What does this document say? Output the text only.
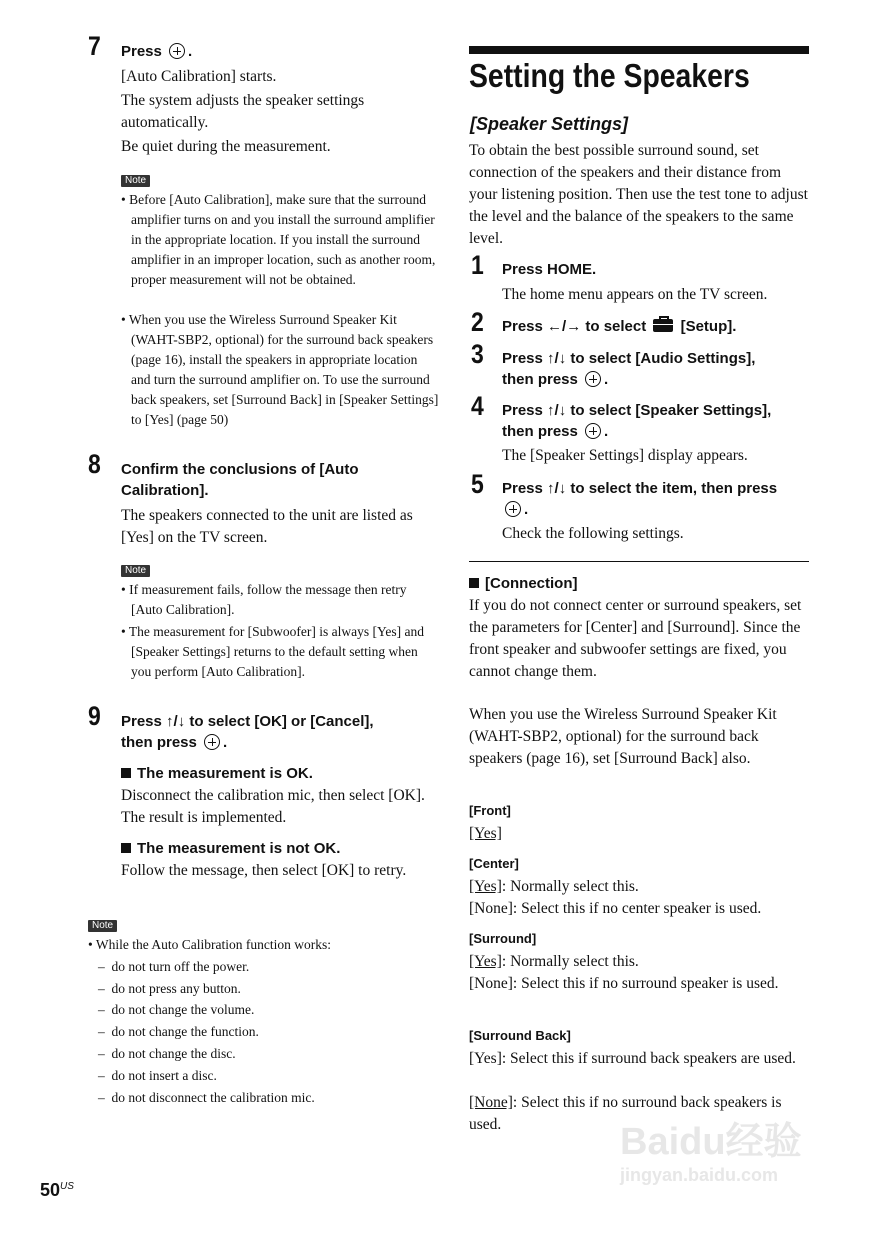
7 Press .
[Auto Calibration] starts.
The system adjusts the speaker settings automatically.
Be quiet during the measurement.
Note
• Before [Auto Calibration], make sure that the surround amplifier turns on and you install the surround amplifier in the appropriate location. If you install the surround amplifier in an improper location, such as another room, proper measurement will not be obtained.
• When you use the Wireless Surround Speaker Kit (WAHT-SBP2, optional) for the surround back speakers (page 16), install the speakers in appropriate location and turn the surround amplifier on. To use the surround back speakers, set [Surround Back] in [Speaker Settings] to [Yes] (page 50)
8 Confirm the conclusions of [Auto Calibration].
The speakers connected to the unit are listed as [Yes] on the TV screen.
Note
• If measurement fails, follow the message then retry [Auto Calibration].
• The measurement for [Subwoofer] is always [Yes] and [Speaker Settings] returns to the default setting when you perform [Auto Calibration].
9 Press ↑/↓ to select [OK] or [Cancel],
then press .
The measurement is OK.
Disconnect the calibration mic, then select [OK]. The result is implemented.
The measurement is not OK.
Follow the message, then select [OK] to retry.
Note
• While the Auto Calibration function works:
–  do not turn off the power.
–  do not press any button.
–  do not change the volume.
–  do not change the function.
–  do not change the disc.
–  do not insert a disc.
–  do not disconnect the calibration mic.
Setting the Speakers
[Speaker Settings]
To obtain the best possible surround sound, set connection of the speakers and their distance from your listening position. Then use the test tone to adjust the level and the balance of the speakers to the same level.
1 Press HOME.
The home menu appears on the TV screen.
2 Press ←/→ to select [Setup].
3 Press ↑/↓ to select [Audio Settings],
then press .
4 Press ↑/↓ to select [Speaker Settings],
then press .
The [Speaker Settings] display appears.
5 Press ↑/↓ to select the item, then press
.
Check the following settings.
[Connection]
If you do not connect center or surround speakers, set the parameters for [Center] and [Surround]. Since the front speaker and subwoofer settings are fixed, you cannot change them.
When you use the Wireless Surround Speaker Kit (WAHT-SBP2, optional) for the surround back speakers (page 16), set [Surround Back] also.
[Front]
[Yes]
[Center]
[Yes]: Normally select this.
[None]: Select this if no center speaker is used.
[Surround]
[Yes]: Normally select this.
[None]: Select this if no surround speaker is used.
[Surround Back]
[Yes]: Select this if surround back speakers are used.
[None]: Select this if no surround back speakers is used.
$50^{US}$
Baidu经验
jingyan.baidu.com
